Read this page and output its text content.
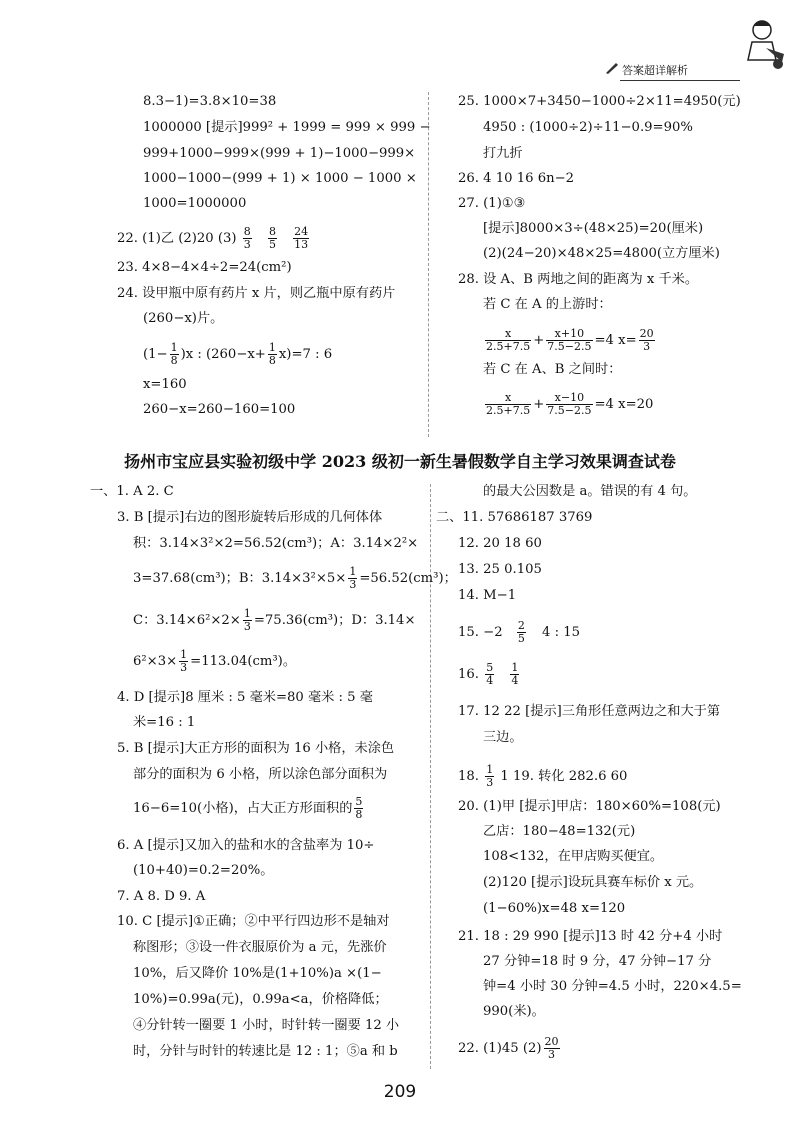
答案超详解析
8.3−1)=3.8×10=38
1000000 [提示]999² + 1999 = 999 × 999 −
999+1000−999×(999 + 1)−1000−999×
1000−1000−(999 + 1) × 1000 − 1000 ×
1000=1000000
22. (1)乙 (2)20 $(3) \frac{8}{3}$
$\frac{8}{5}$
$\frac{24}{13}$
23. 4×8−4×4÷2=24(cm²)
24. 设甲瓶中原有药片 x 片，则乙瓶中原有药片
(260−x)片。
$(1- \frac{1}{8} )x$ : $(260-x+ \frac{1}{8} x)=7$ : 6
x=160
260−x=260−160=100
25. 1000×7+3450−1000÷2×11=4950(元)
4950 : (1000÷2)÷11−0.9=90%
打九折
26. 4 10 16 6n−2
27. (1)①③
[提示]8000×3÷(48×25)=20(厘米)
(2)(24−20)×48×25=4800(立方厘米)
28. 设 A、B 两地之间的距离为 x 千米。
若 C 在 A 的上游时：
$\frac{x}{2.5+7.5} + \frac{x+10}{7.5-2.5} =4$ $x= \frac{20}{3}$
若 C 在 A、B 之间时：
$\frac{x}{2.5+7.5} + \frac{x-10}{7.5-2.5} =4$ x=20
扬州市宝应县实验初级中学 2023 级初一新生暑假数学自主学习效果调查试卷
一、1. A 2. C
3. B [提示]右边的图形旋转后形成的几何体体
积：3.14×3²×2=56.52(cm³)；A：3.14×2²×
3=37.68(cm³)；B：$3.14\times 3^2\times 5\times \frac{1}{3} =56.52(cm^3)$；
C：$3.14\times 6^2\times 2\times \frac{1}{3} =75.36(cm^3)$；D：3.14×
$6^2\times 3\times \frac{1}{3} =113.04(cm^3)$。
4. D [提示]8 厘米 : 5 毫米=80 毫米 : 5 毫
米=16 : 1
5. B [提示]大正方形的面积为 16 小格，未涂色
部分的面积为 6 小格，所以涂色部分面积为
16−6=10(小格)，占大正方形面积的 $\frac{5}{8}$
6. A [提示]又加入的盐和水的含盐率为 10÷
(10+40)=0.2=20%。
7. A 8. D 9. A
10. C [提示]①正确；②中平行四边形不是轴对
称图形；③设一件衣服原价为 a 元，先涨价
10%，后又降价 10%是(1+10%)a ×(1−
10%)=0.99a(元)，0.99a<a，价格降低；
④分针转一圈要 1 小时，时针转一圈要 12 小
时，分针与时针的转速比是 12 : 1；⑤a 和 b
的最大公因数是 a。错误的有 4 句。
二、11. 57686187 3769
12. 20 18 60
13. 25 0.105
14. M−1
15. $-2 \frac{2}{5} 4$ : 15
16. $\frac{5}{4}$
$\frac{1}{4}$
17. 12 22 [提示]三角形任意两边之和大于第
三边。
18. $\frac{1}{3} 1$ 19. 转化 282.6 60
20. (1)甲 [提示]甲店：180×60%=108(元)
乙店：180−48=132(元)
108<132，在甲店购买便宜。
(2)120 [提示]设玩具赛车标价 x 元。
(1−60%)x=48 x=120
21. 18 : 29 990 [提示]13 时 42 分+4 小时
27 分钟=18 时 9 分，47 分钟−17 分
钟=4 小时 30 分钟=4.5 小时，220×4.5=
990(米)。
22. (1)45 $(2) \frac{20}{3}$
209
